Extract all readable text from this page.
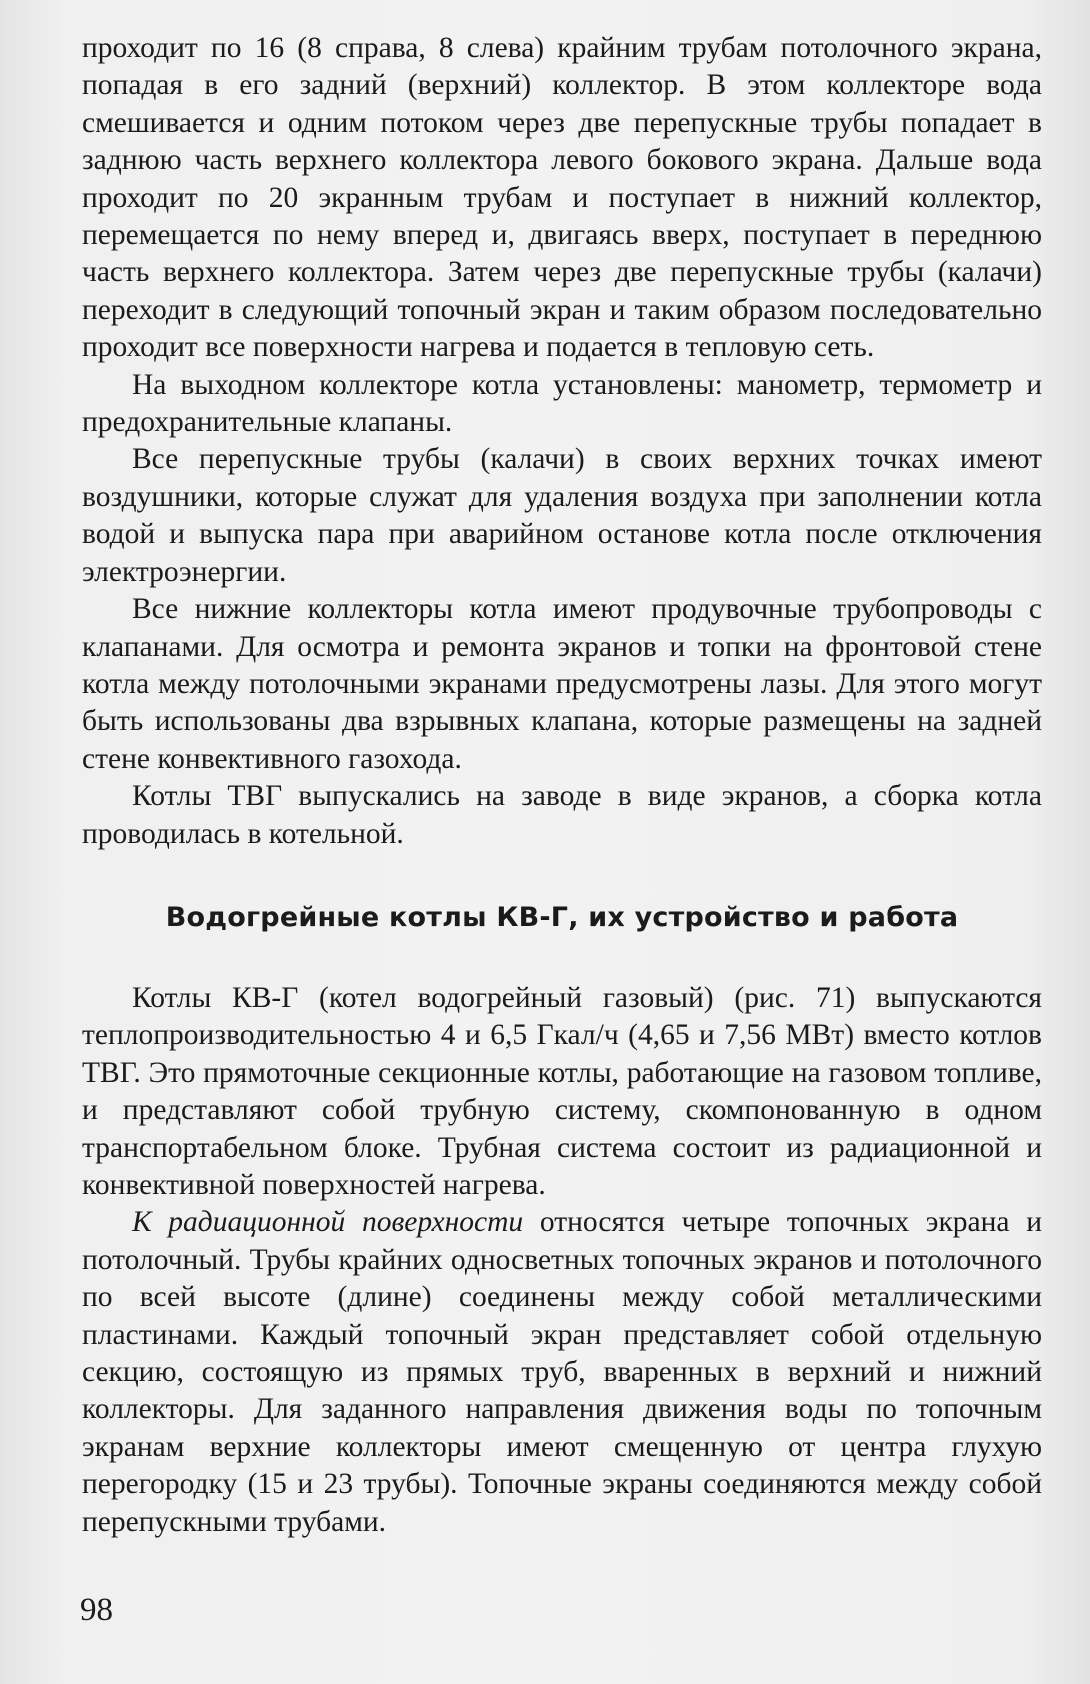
проходит по 16 (8 справа, 8 слева) крайним трубам потолочного экрана, попадая в его задний (верхний) коллектор. В этом коллекторе вода смешивается и одним потоком через две перепускные трубы попадает в заднюю часть верхнего коллектора левого бокового экрана. Дальше вода проходит по 20 экранным трубам и поступает в нижний коллектор, перемещается по нему вперед и, двигаясь вверх, поступает в переднюю часть верхнего коллектора. Затем через две перепускные трубы (калачи) переходит в следующий топочный экран и таким образом последовательно проходит все поверхности нагрева и подается в тепловую сеть.

На выходном коллекторе котла установлены: манометр, термометр и предохранительные клапаны.

Все перепускные трубы (калачи) в своих верхних точках имеют воздушники, которые служат для удаления воздуха при заполнении котла водой и выпуска пара при аварийном останове котла после отключения электроэнергии.

Все нижние коллекторы котла имеют продувочные трубопроводы с клапанами. Для осмотра и ремонта экранов и топки на фронтовой стене котла между потолочными экранами предусмотрены лазы. Для этого могут быть использованы два взрывных клапана, которые размещены на задней стене конвективного газохода.

Котлы ТВГ выпускались на заводе в виде экранов, а сборка котла проводилась в котельной.

Водогрейные котлы КВ-Г, их устройство и работа

Котлы КВ-Г (котел водогрейный газовый) (рис. 71) выпускаются теплопроизводительностью 4 и 6,5 Гкал/ч (4,65 и 7,56 МВт) вместо котлов ТВГ. Это прямоточные секционные котлы, работающие на газовом топливе, и представляют собой трубную систему, скомпонованную в одном транспортабельном блоке. Трубная система состоит из радиационной и конвективной поверхностей нагрева.

К радиационной поверхности относятся четыре топочных экрана и потолочный. Трубы крайних односветных топочных экранов и потолочного по всей высоте (длине) соединены между собой металлическими пластинами. Каждый топочный экран представляет собой отдельную секцию, состоящую из прямых труб, вваренных в верхний и нижний коллекторы. Для заданного направления движения воды по топочным экранам верхние коллекторы имеют смещенную от центра глухую перегородку (15 и 23 трубы). Топочные экраны соединяются между собой перепускными трубами.

98
